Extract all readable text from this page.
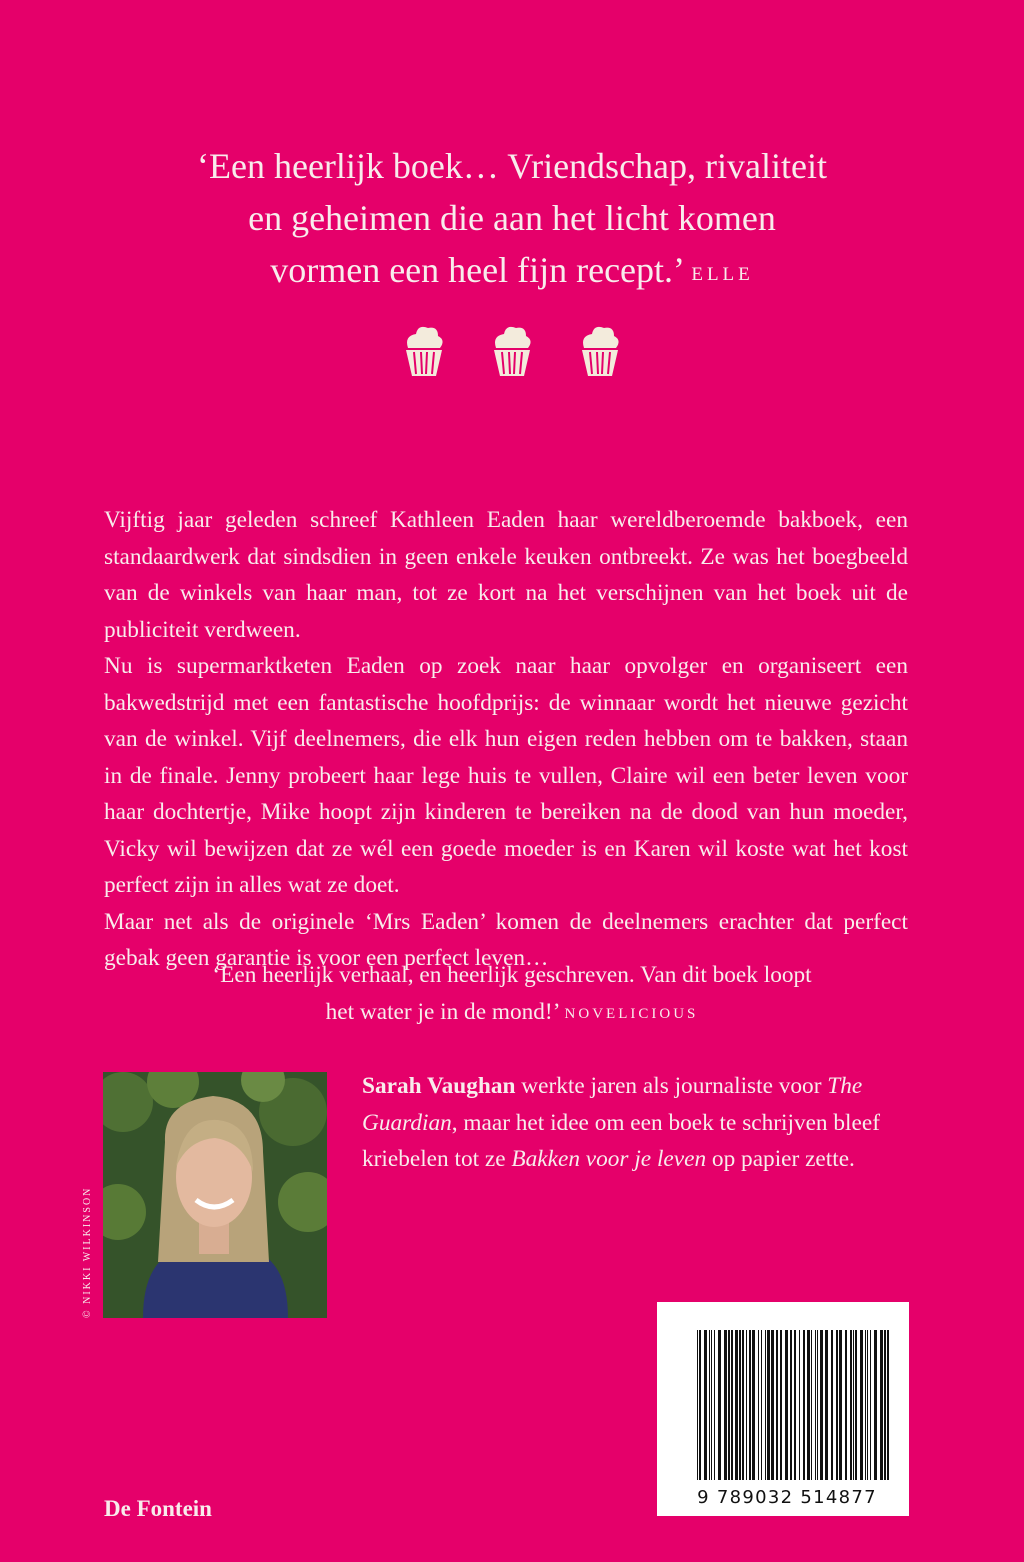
‘Een heerlijk boek… Vriendschap, rivaliteit
en geheimen die aan het licht komen
vormen een heel fijn recept.’ ELLE

Vijftig jaar geleden schreef Kathleen Eaden haar wereldberoemde bakboek, een standaardwerk dat sindsdien in geen enkele keuken ontbreekt. Ze was het boegbeeld van de winkels van haar man, tot ze kort na het verschijnen van het boek uit de publiciteit verdween.

Nu is supermarktketen Eaden op zoek naar haar opvolger en organiseert een bakwedstrijd met een fantastische hoofdprijs: de winnaar wordt het nieuwe gezicht van de winkel. Vijf deelnemers, die elk hun eigen reden hebben om te bakken, staan in de finale. Jenny probeert haar lege huis te vullen, Claire wil een beter leven voor haar dochtertje, Mike hoopt zijn kinderen te bereiken na de dood van hun moeder, Vicky wil bewijzen dat ze wél een goede moeder is en Karen wil koste wat het kost perfect zijn in alles wat ze doet.

Maar net als de originele ‘Mrs Eaden’ komen de deelnemers erachter dat perfect gebak geen garantie is voor een perfect leven…

‘Een heerlijk verhaal, en heerlijk geschreven. Van dit boek loopt
het water je in de mond!’ NOVELICIOUS
© NIKKI WILKINSON
Sarah Vaughan werkte jaren als journaliste voor The Guardian, maar het idee om een boek te schrijven bleef kriebelen tot ze Bakken voor je leven op papier zette.
9 789032 514877
De Fontein
